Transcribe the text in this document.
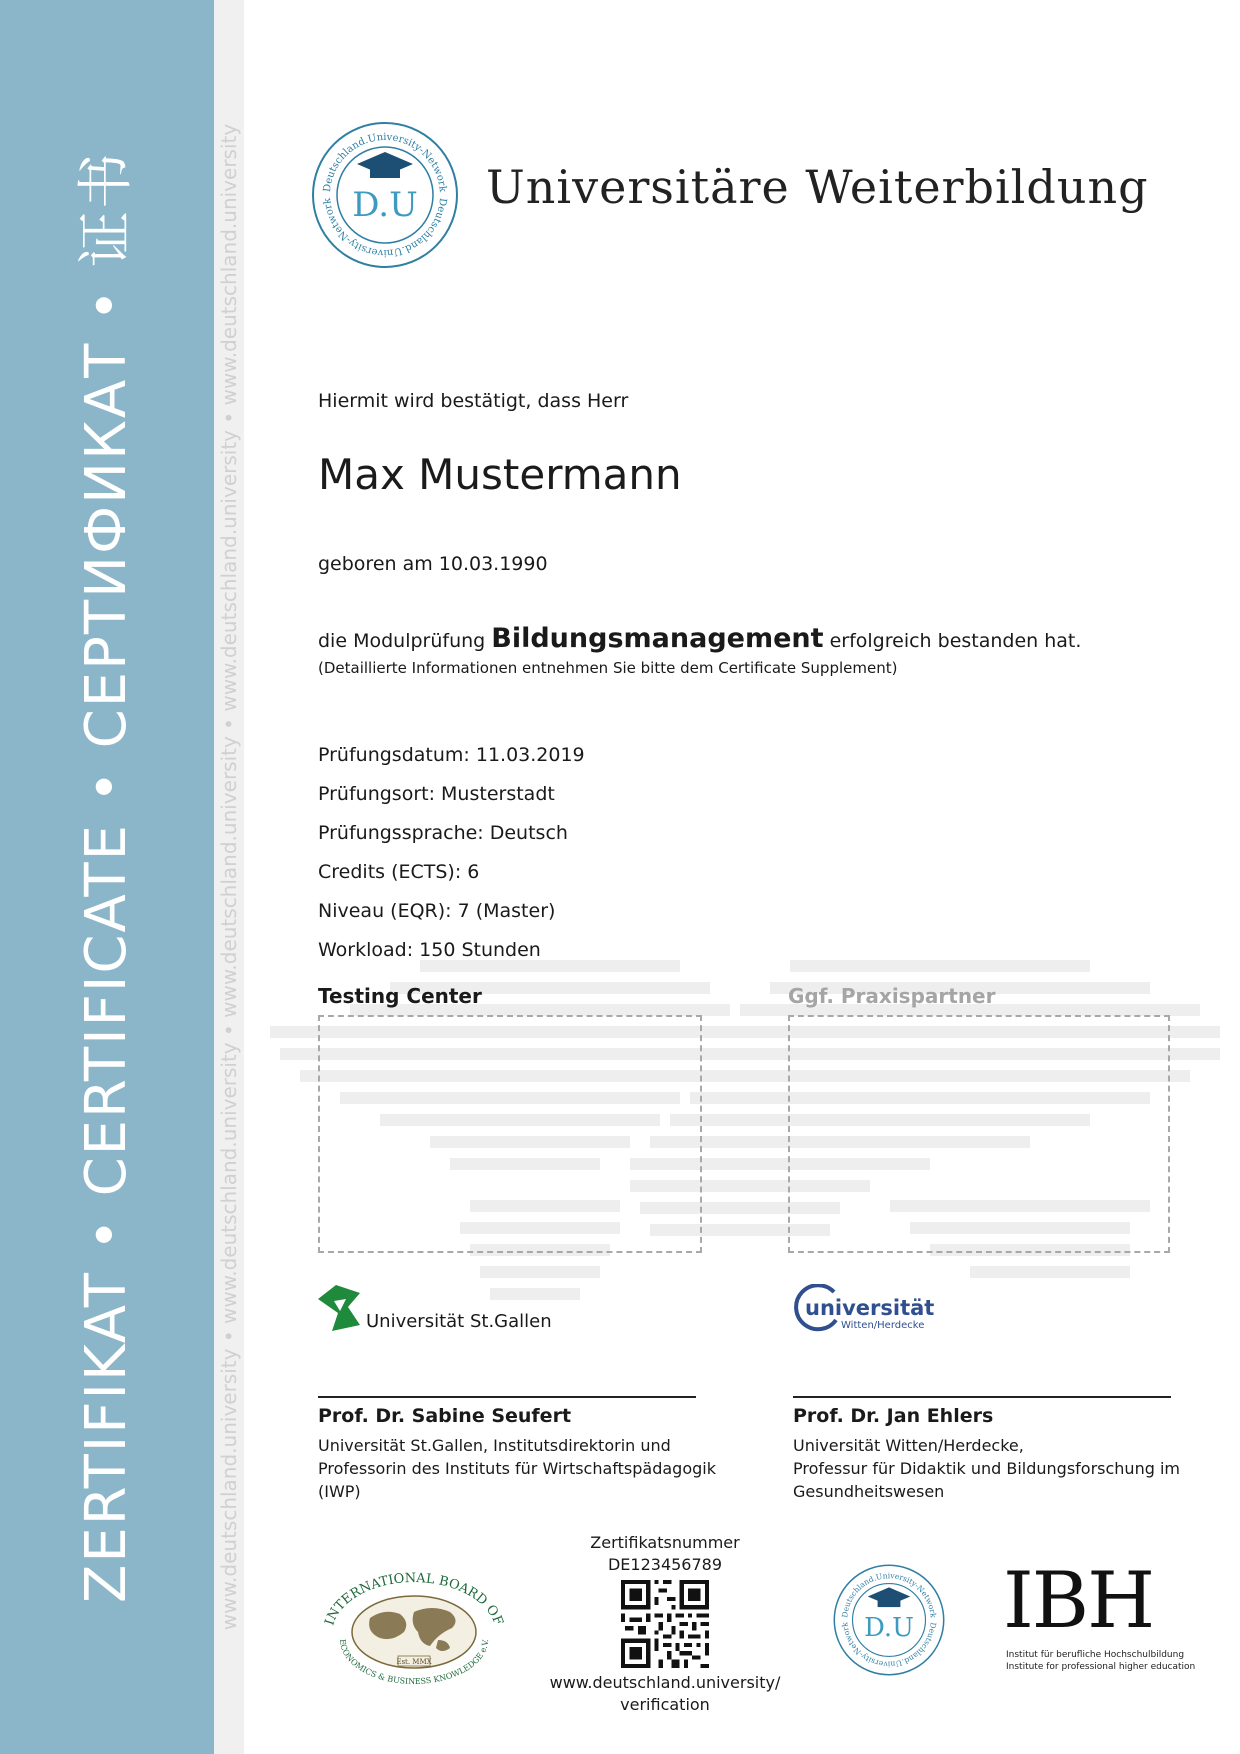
ZERTIFIKAT • CERTIFICATE • СЕРТИФИКАТ • 证书	www.deutschland.university • www.deutschland.university • www.deutschland.university • www.deutschland.university • www.deutschland.university	Deutschland.University-Network
Deutschland.University-Network D.U Universitäre Weiterbildung
Hiermit wird bestätigt, dass Herr
Max Mustermann
geboren am 10.03.1990
die Modulprüfung Bildungsmanagement erfolgreich bestanden hat.
(Detaillierte Informationen entnehmen Sie bitte dem Certificate Supplement)
Prüfungsdatum: 11.03.2019
Prüfungsort: Musterstadt
Prüfungssprache: Deutsch
Credits (ECTS): 6
Niveau (EQR): 7 (Master)
Workload: 150 Stunden
Testing Center	Ggf. Praxispartner
Universität St.Gallen
universität
Witten/Herdecke
Prof. Dr. Sabine Seufert
Universität St.Gallen, Institutsdirektorin und
Professorin des Instituts für Wirtschaftspädagogik
(IWP)
Prof. Dr. Jan Ehlers
Universität Witten/Herdecke,
Professur für Didaktik und Bildungsforschung im
Gesundheitswesen
Est. MMX
INTERNATIONAL BOARD OF
ECONOMICS & BUSINESS KNOWLEDGE e.V.
Zertifikatsnummer
DE123456789
www.deutschland.university/
verification
Deutschland.University-Network
Deutschland.University-Network D.U IBH
Institut für berufliche Hochschulbildung
Institute for professional higher education
